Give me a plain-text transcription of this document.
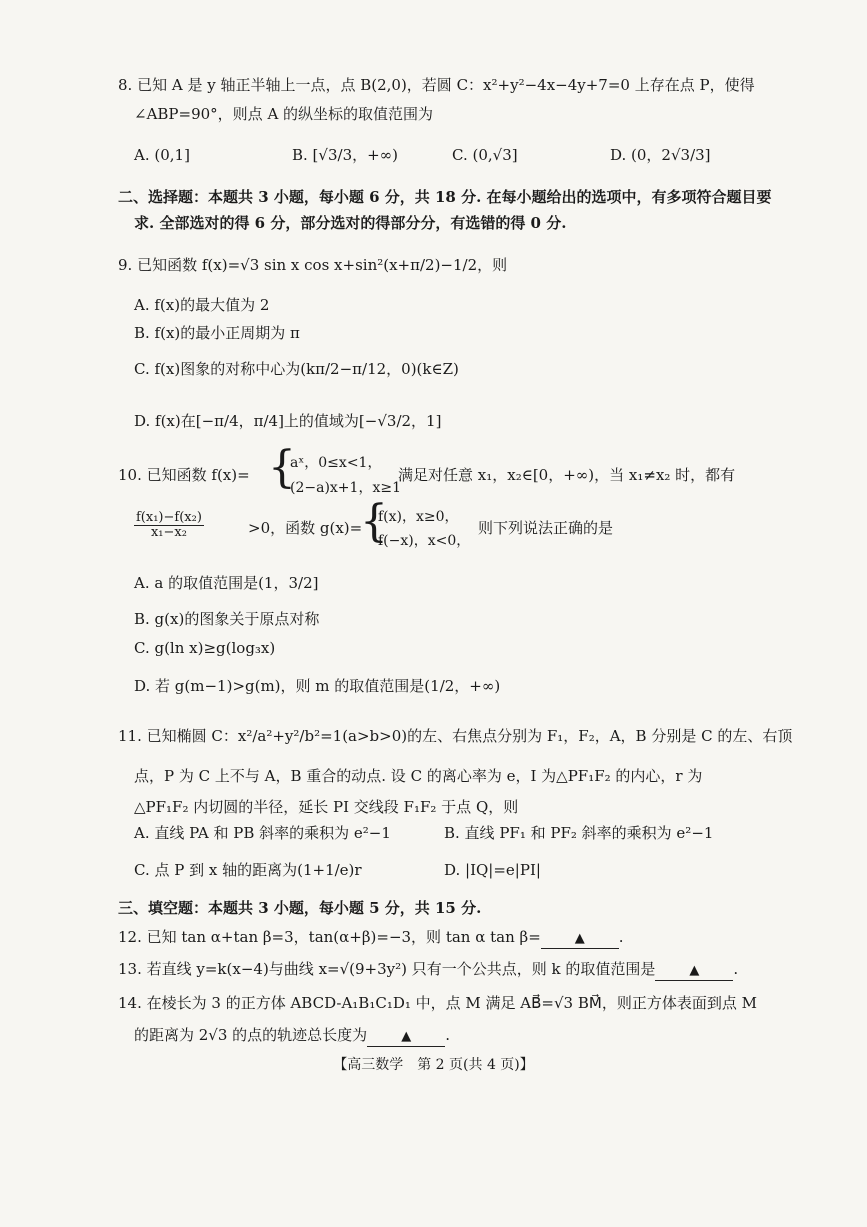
8. 已知 A 是 y 轴正半轴上一点，点 B(2,0)，若圆 C：x²+y²−4x−4y+7=0 上存在点 P，使得
∠ABP=90°，则点 A 的纵坐标的取值范围为
A. (0,1]	B. [√3/3，+∞)	C. (0,√3]	D. (0，2√3/3]
二、选择题：本题共 3 小题，每小题 6 分，共 18 分. 在每小题给出的选项中，有多项符合题目要
求. 全部选对的得 6 分，部分选对的得部分分，有选错的得 0 分.
9. 已知函数 f(x)=√3 sin x cos x+sin²(x+π/2)−1/2，则
A. f(x)的最大值为 2
B. f(x)的最小正周期为 π
C. f(x)图象的对称中心为(kπ/2−π/12，0)(k∈Z)
D. f(x)在[−π/4，π/4]上的值域为[−√3/2，1]
10. 已知函数 f(x)= {
aˣ，0≤x<1，
(2−a)x+1，x≥1
满足对任意 x₁，x₂∈[0，+∞)，当 x₁≠x₂ 时，都有
$\frac{\text{f(x₁)−f(x₂)}}{\text{x₁−x₂}}$	>0，函数 g(x)=
{
f(x)，x≥0，
f(−x)，x<0，
则下列说法正确的是
A. a 的取值范围是(1，3/2]
B. g(x)的图象关于原点对称
C. g(ln x)≥g(log₃x)
D. 若 g(m−1)>g(m)，则 m 的取值范围是(1/2，+∞)
11. 已知椭圆 C：x²/a²+y²/b²=1(a>b>0)的左、右焦点分别为 F₁，F₂，A，B 分别是 C 的左、右顶
点，P 为 C 上不与 A，B 重合的动点. 设 C 的离心率为 e，I 为△PF₁F₂ 的内心，r 为
△PF₁F₂ 内切圆的半径，延长 PI 交线段 F₁F₂ 于点 Q，则
A. 直线 PA 和 PB 斜率的乘积为 e²−1	B. 直线 PF₁ 和 PF₂ 斜率的乘积为 e²−1
C. 点 P 到 x 轴的距离为(1+1/e)r	D. |IQ|=e|PI|
三、填空题：本题共 3 小题，每小题 5 分，共 15 分.
12. 已知 tan α+tan β=3，tan(α+β)=−3，则 tan α tan β=	▲ .
13. 若直线 y=k(x−4)与曲线 x=√(9+3y²) 只有一个公共点，则 k 的取值范围是	▲ .
14. 在棱长为 3 的正方体 ABCD-A₁B₁C₁D₁ 中，点 M 满足 AB⃗=√3 BM⃗，则正方体表面到点 M
的距离为 2√3 的点的轨迹总长度为	▲ .
【高三数学　第 2 页(共 4 页)】
